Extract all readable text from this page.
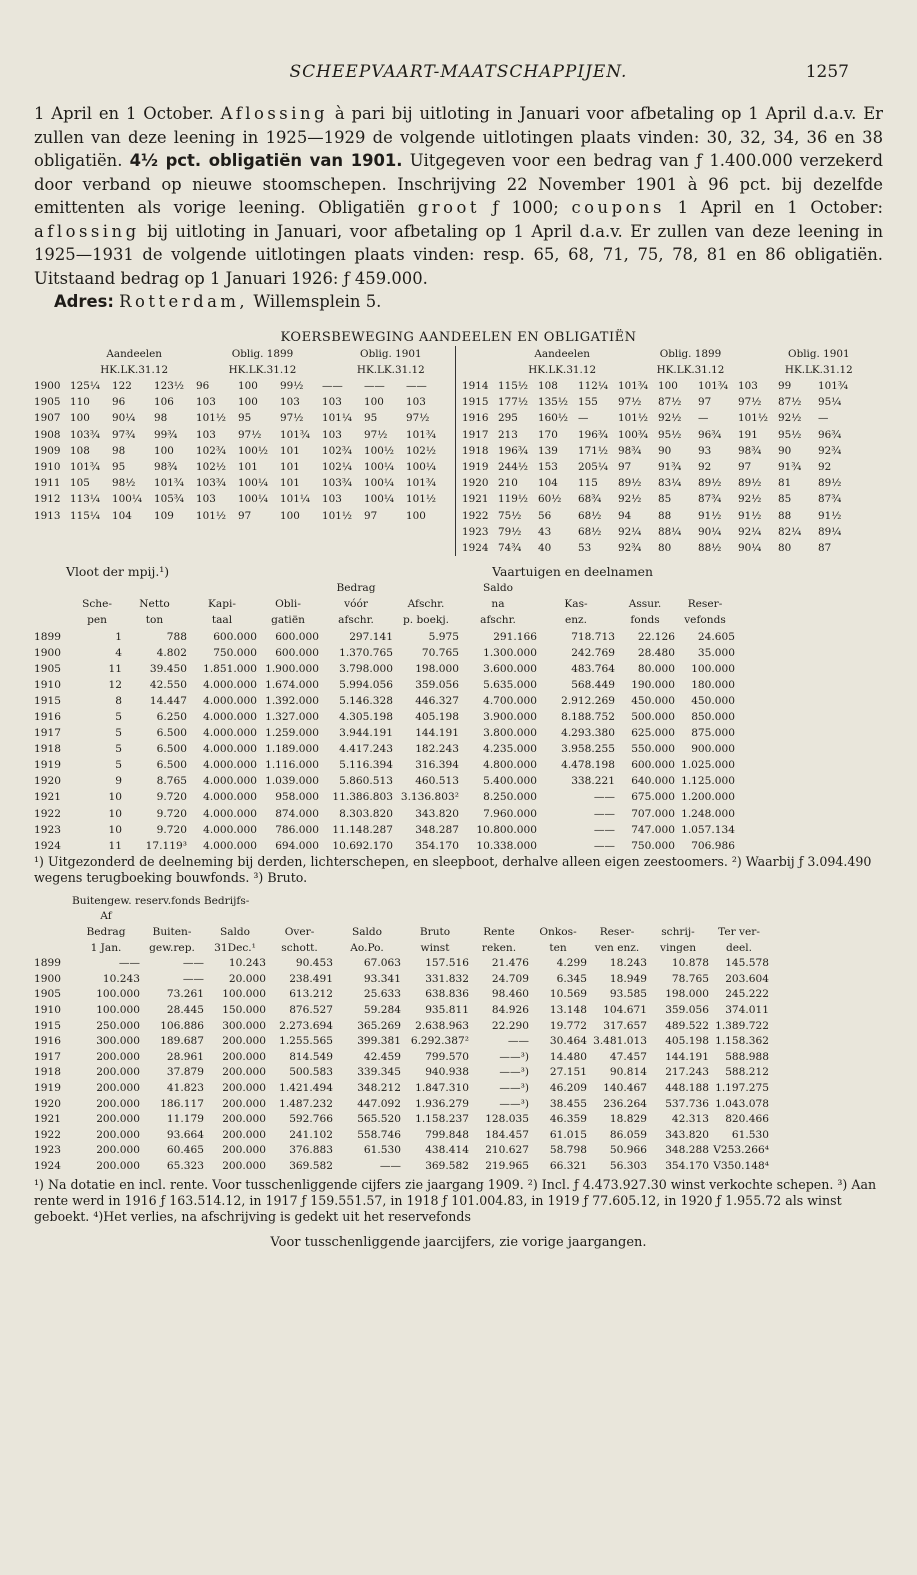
SCHEEPVAART-MAATSCHAPPIJEN.	1257

1 April en 1 October. Aflossing à pari bij uitloting in Januari voor afbetaling op 1 April d.a.v. Er zullen van deze leening in 1925—1929 de volgende uitlotingen plaats vinden: 30, 32, 34, 36 en 38 obligatiën. 4½ pct. obligatiën van 1901. Uitgegeven voor een bedrag van ƒ 1.400.000 verzekerd door verband op nieuwe stoomschepen. Inschrijving 22 November 1901 à 96 pct. bij dezelfde emittenten als vorige leening. Obligatiën groot ƒ 1000; coupons 1 April en 1 October: aflossing bij uitloting in Januari, voor afbetaling op 1 April d.a.v. Er zullen van deze leening in 1925—1931 de volgende uitlotingen plaats vinden: resp. 65, 68, 71, 75, 78, 81 en 86 obligatiën. Uitstaand bedrag op 1 Januari 1926: ƒ 459.000.

Adres: Rotterdam, Willemsplein 5.

KOERSBEWEGING AANDEELEN EN OBLIGATIËN
Aandeelen	Oblig. 1899	Oblig. 1901
HK.LK.31.12	HK.LK.31.12	HK.LK.31.12
1900 125¼	122	123½	96	100	99½	——	——	——
1905 110	96	106	103	100	103	103	100	103
1907 100	90¼	98	101½	95	97½	101¼	95	97½
1908 103¾	97¾	99¾	103	97½	101¾	103	97½	101¾
1909 108	98	100	102¾	100½	101	102¾	100½	102½
1910 101¾	95	98¾	102½	101	101	102¼	100¼	100¼
1911 105	98½	101¾	103¾	100¼	101	103¾	100¼	101¾
1912 113¼	100¼	105¾	103	100¼	101¼	103	100¼	101½
1913 115¼	104	109	101½	97	100	101½	97	100
Aandeelen	Oblig. 1899	Oblig. 1901
HK.LK.31.12	HK.LK.31.12	HK.LK.31.12
1914 115½ 108	112¼ 101¾ 100	101¾ 103	99	101¾
1915 177½ 135½ 155	97½	87½	97	97½	87½	95¼
1916 295	160½ —	101½ 92½	—	101½ 92½	—
1917 213	170	196¾ 100¾ 95½	96¾	191	95½	96¾
1918 196¾ 139	171½ 98¾	90	93	98¾	90	92¾
1919 244½ 153	205¼ 97	91¾	92	97	91¾	92
1920 210	104	115	89½	83¼	89½	89½	81	89½
1921 119½ 60½	68¾	92½	85	87¾	92½	85	87¾
1922 75½	56	68½	94	88	91½	91½	88	91½
1923 79½	43	68½	92¼	88¼	90¼	92¼	82¼	89¼
1924 74¾	40	53	92¾	80	88½	90¼	80	87
Vloot der mpij.¹)	Vaartuigen en deelnamen
Bedrag	Saldo
Sche-	Netto	Kapi-	Obli-	vóór	Afschr.	na	Kas-	Assur.	Reser-
pen	ton	taal	gatiën	afschr.	p. boekj.	afschr.	enz.	fonds	vefonds
1899	1	788	600.000	600.000	297.141	5.975	291.166	718.713	22.126	24.605
1900	4	4.802	750.000	600.000	1.370.765	70.765	1.300.000	242.769	28.480	35.000
1905	11	39.450	1.851.000 1.900.000	3.798.000	198.000	3.600.000	483.764	80.000	100.000
1910	12	42.550	4.000.000 1.674.000	5.994.056	359.056	5.635.000	568.449	190.000	180.000
1915	8	14.447	4.000.000 1.392.000	5.146.328	446.327	4.700.000	2.912.269	450.000	450.000
1916	5	6.250	4.000.000 1.327.000	4.305.198	405.198	3.900.000	8.188.752	500.000	850.000
1917	5	6.500	4.000.000 1.259.000	3.944.191	144.191	3.800.000	4.293.380	625.000	875.000
1918	5	6.500	4.000.000 1.189.000	4.417.243	182.243	4.235.000	3.958.255	550.000	900.000
1919	5	6.500	4.000.000 1.116.000	5.116.394	316.394	4.800.000	4.478.198	600.000 1.025.000
1920	9	8.765	4.000.000 1.039.000	5.860.513	460.513	5.400.000	338.221	640.000 1.125.000
1921	10	9.720	4.000.000	958.000	11.386.803 3.136.803²	8.250.000	——	675.000 1.200.000
1922	10	9.720	4.000.000	874.000	8.303.820	343.820	7.960.000	——	707.000 1.248.000
1923	10	9.720	4.000.000	786.000	11.148.287	348.287	10.800.000	——	747.000 1.057.134
1924	11	17.119³	4.000.000	694.000	10.692.170	354.170	10.338.000	——	750.000	706.986
¹) Uitgezonderd de deelneming bij derden, lichterschepen, en sleepboot, derhalve alleen eigen zeestoomers. ²) Waarbij ƒ 3.094.490 wegens terugboeking bouwfonds. ³) Bruto.
Buitengew. reserv.fonds Bedrijfs-
Af
Bedrag	Buiten-	Saldo	Over-	Saldo	Bruto	Rente	Onkos-	Reser-	schrij-	Ter ver-
1 Jan.	gew.rep.	31Dec.¹	schott.	Ao.Po.	winst	reken.	ten	ven enz.	vingen	deel.
1899	——	——	10.243	90.453	67.063	157.516	21.476	4.299	18.243	10.878	145.578
1900	10.243	——	20.000	238.491	93.341	331.832	24.709	6.345	18.949	78.765	203.604
1905	100.000	73.261	100.000	613.212	25.633	638.836	98.460	10.569	93.585	198.000	245.222
1910	100.000	28.445	150.000	876.527	59.284	935.811	84.926	13.148	104.671	359.056	374.011
1915	250.000	106.886	300.000	2.273.694	365.269	2.638.963	22.290	19.772	317.657	489.522 1.389.722
1916	300.000	189.687	200.000	1.255.565	399.381 6.292.387²	——	30.464 3.481.013	405.198 1.158.362
1917	200.000	28.961	200.000	814.549	42.459	799.570	——³)	14.480	47.457	144.191	588.988
1918	200.000	37.879	200.000	500.583	339.345	940.938	——³)	27.151	90.814	217.243	588.212
1919	200.000	41.823	200.000	1.421.494	348.212	1.847.310	——³)	46.209	140.467	448.188 1.197.275
1920	200.000	186.117	200.000	1.487.232	447.092	1.936.279	——³)	38.455	236.264	537.736 1.043.078
1921	200.000	11.179	200.000	592.766	565.520	1.158.237	128.035	46.359	18.829	42.313	820.466
1922	200.000	93.664	200.000	241.102	558.746	799.848	184.457	61.015	86.059	343.820	61.530
1923	200.000	60.465	200.000	376.883	61.530	438.414	210.627	58.798	50.966	348.288 V253.266⁴
1924	200.000	65.323	200.000	369.582	——	369.582	219.965	66.321	56.303	354.170 V350.148⁴
¹) Na dotatie en incl. rente. Voor tusschenliggende cijfers zie jaargang 1909. ²) Incl. ƒ 4.473.927.30 winst verkochte schepen. ³) Aan rente werd in 1916 ƒ 163.514.12, in 1917 ƒ 159.551.57, in 1918 ƒ 101.004.83, in 1919 ƒ 77.605.12, in 1920 ƒ 1.955.72 als winst geboekt. ⁴)Het verlies, na afschrijving is gedekt uit het reservefonds
Voor tusschenliggende jaarcijfers, zie vorige jaargangen.
